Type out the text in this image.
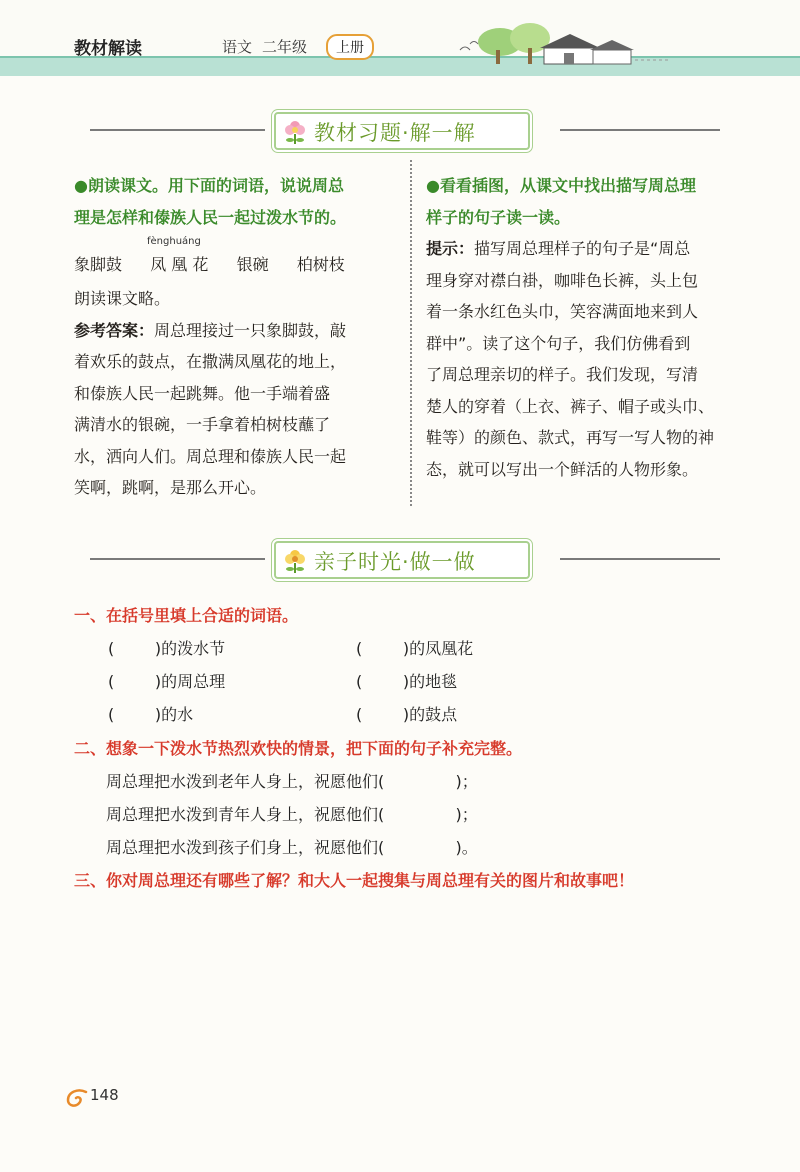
教材解读	语文 二年级	上册
教材习题·解一解
●朗读课文。用下面的词语，说说周总
理是怎样和傣族人民一起过泼水节的。
fènghuáng
象脚鼓 凤 凰 花 银碗 柏树枝
朗读课文略。
参考答案：周总理接过一只象脚鼓，敲
着欢乐的鼓点，在撒满凤凰花的地上，
和傣族人民一起跳舞。他一手端着盛
满清水的银碗，一手拿着柏树枝蘸了
水，洒向人们。周总理和傣族人民一起
笑啊，跳啊，是那么开心。
●看看插图，从课文中找出描写周总理
样子的句子读一读。
提示：描写周总理样子的句子是“周总
理身穿对襟白褂，咖啡色长裤，头上包
着一条水红色头巾，笑容满面地来到人
群中”。读了这个句子，我们仿佛看到
了周总理亲切的样子。我们发现，写清
楚人的穿着（上衣、裤子、帽子或头巾、
鞋等）的颜色、款式，再写一写人物的神
态，就可以写出一个鲜活的人物形象。
亲子时光·做一做
一、在括号里填上合适的词语。
(        )的泼水节	(        )的凤凰花
(        )的周总理	(        )的地毯
(        )的水	(        )的鼓点
二、想象一下泼水节热烈欢快的情景，把下面的句子补充完整。
周总理把水泼到老年人身上，祝愿他们(              )；
周总理把水泼到青年人身上，祝愿他们(              )；
周总理把水泼到孩子们身上，祝愿他们(              )。
三、你对周总理还有哪些了解？和大人一起搜集与周总理有关的图片和故事吧！
148
